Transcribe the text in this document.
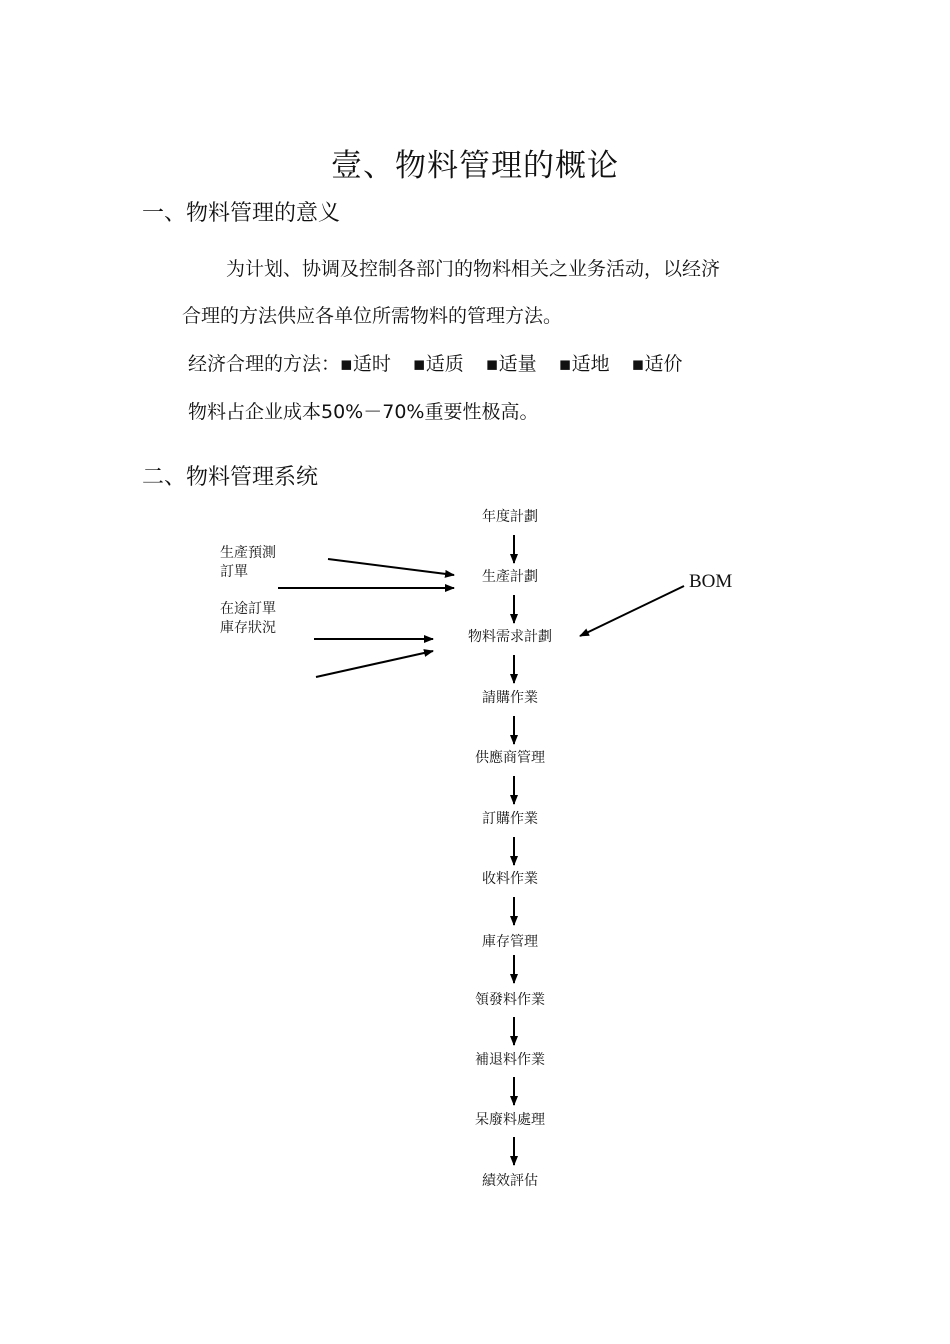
壹、物料管理的概论
一、物料管理的意义
为计划、协调及控制各部门的物料相关之业务活动，以经济
合理的方法供应各单位所需物料的管理方法。
经济合理的方法：▪适时 ▪适质 ▪适量 ▪适地 ▪适价
物料占企业成本50%－70%重要性极高。
二、物料管理系统
年度計劃
生產計劃
物料需求計劃
請購作業
供應商管理
訂購作業
收料作業
庫存管理
領發料作業
補退料作業
呆廢料處理
績效評估
生產預測
訂單
在途訂單
庫存狀況
BOM
